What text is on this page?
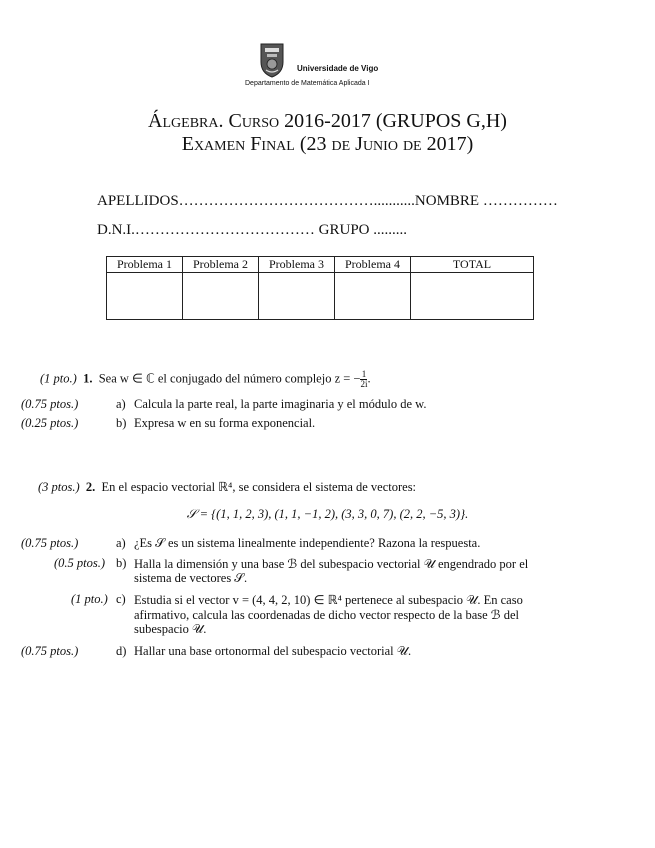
Universidade de Vigo
Departamento de Matemática Aplicada I
Álgebra. Curso 2016-2017 (GRUPOS G,H)
Examen Final (23 de Junio de 2017)
APELLIDOS…………………………………...........NOMBRE ……………
D.N.I.……………………………… GRUPO .........
Problema 1	Problema 2	Problema 3	Problema 4	TOTAL

(1 pto.) 1. Sea w ∈ ℂ el conjugado del número complejo z = − $\frac{1}{2i}$ .
(0.75 ptos.)	a) Calcula la parte real, la parte imaginaria y el módulo de w.
(0.25 ptos.)	b) Expresa w en su forma exponencial.
(3 ptos.) 2. En el espacio vectorial ℝ⁴, se considera el sistema de vectores:
𝒮 = {(1, 1, 2, 3), (1, 1, −1, 2), (3, 3, 0, 7), (2, 2, −5, 3)}.
(0.75 ptos.)	a) ¿Es 𝒮 es un sistema linealmente independiente? Razona la respuesta.
(0.5 ptos.) b) Halla la dimensión y una base ℬ del subespacio vectorial 𝒰 engendrado por el
sistema de vectores 𝒮.
(1 pto.) c) Estudia si el vector v = (4, 4, 2, 10) ∈ ℝ⁴ pertenece al subespacio 𝒰. En caso
afirmativo, calcula las coordenadas de dicho vector respecto de la base ℬ del
subespacio 𝒰.
(0.75 ptos.)	d) Hallar una base ortonormal del subespacio vectorial 𝒰.
